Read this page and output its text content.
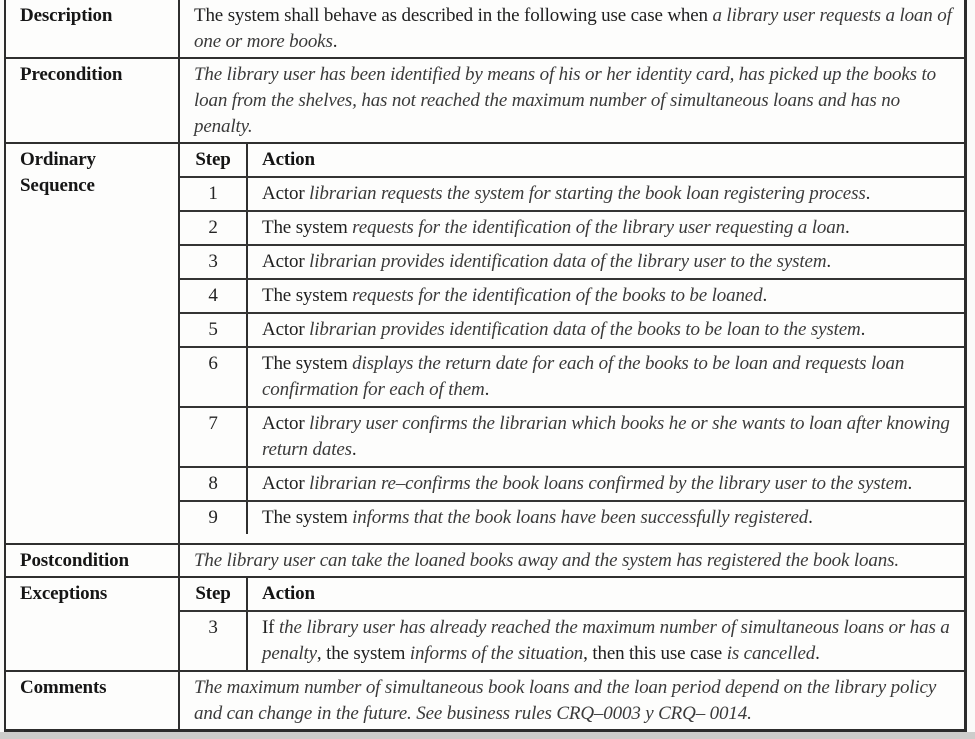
Description	The system shall behave as described in the following use case when a library user requests a loan of one or more books.
Precondition	The library user has been identified by means of his or her identity card, has picked up the books to loan from the shelves, has not reached the maximum number of simultaneous loans and has no penalty.
Ordinary Sequence
Step	Action
1	Actor librarian requests the system for starting the book loan registering process.
2	The system requests for the identification of the library user requesting a loan.
3	Actor librarian provides identification data of the library user to the system.
4	The system requests for the identification of the books to be loaned.
5	Actor librarian provides identification data of the books to be loan to the system.
6	The system displays the return date for each of the books to be loan and requests loan confirmation for each of them.
7	Actor library user confirms the librarian which books he or she wants to loan after knowing return dates.
8	Actor librarian re–confirms the book loans confirmed by the library user to the system.
9	The system informs that the book loans have been successfully registered.
Postcondition	The library user can take the loaned books away and the system has registered the book loans.
Exceptions	Step	Action
3	If the library user has already reached the maximum number of simultaneous loans or has a penalty, the system informs of the situation, then this use case is cancelled.
Comments	The maximum number of simultaneous book loans and the loan period depend on the library policy and can change in the future. See business rules CRQ–0003 y CRQ– 0014.
